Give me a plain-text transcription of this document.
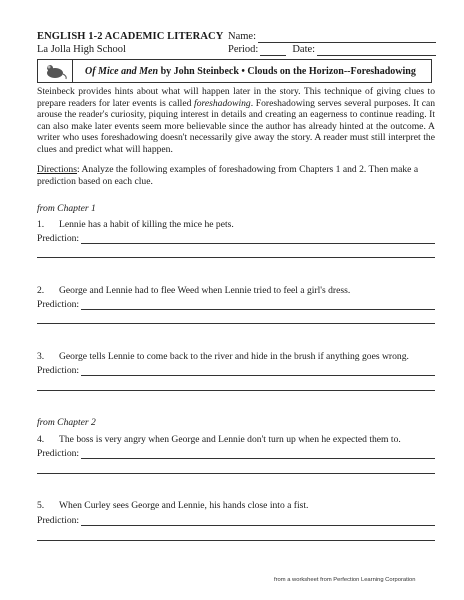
ENGLISH 1-2 ACADEMIC LITERACY
La Jolla High School
Name:
Period:	Date:
Of Mice and Men by John Steinbeck • Clouds on the Horizon--Foreshadowing
Steinbeck provides hints about what will happen later in the story. This technique of giving clues to prepare readers for later events is called foreshadowing. Foreshadowing serves several purposes. It can arouse the reader's curiosity, piquing interest in details and creating an eagerness to continue reading. It can also make later events seem more believable since the author has already hinted at the outcome. A writer who uses foreshadowing doesn't necessarily give away the story. A reader must still interpret the clues and predict what will happen.
Directions: Analyze the following examples of foreshadowing from Chapters 1 and 2. Then make a prediction based on each clue.
from Chapter 1
1.	Lennie has a habit of killing the mice he pets.
Prediction:
2.	George and Lennie had to flee Weed when Lennie tried to feel a girl's dress.
Prediction:
3.	George tells Lennie to come back to the river and hide in the brush if anything goes wrong.
Prediction:
from Chapter 2
4.	The boss is very angry when George and Lennie don't turn up when he expected them to.
Prediction:
5.	When Curley sees George and Lennie, his hands close into a fist.
Prediction:
from a worksheet from Perfection Learning Corporation
